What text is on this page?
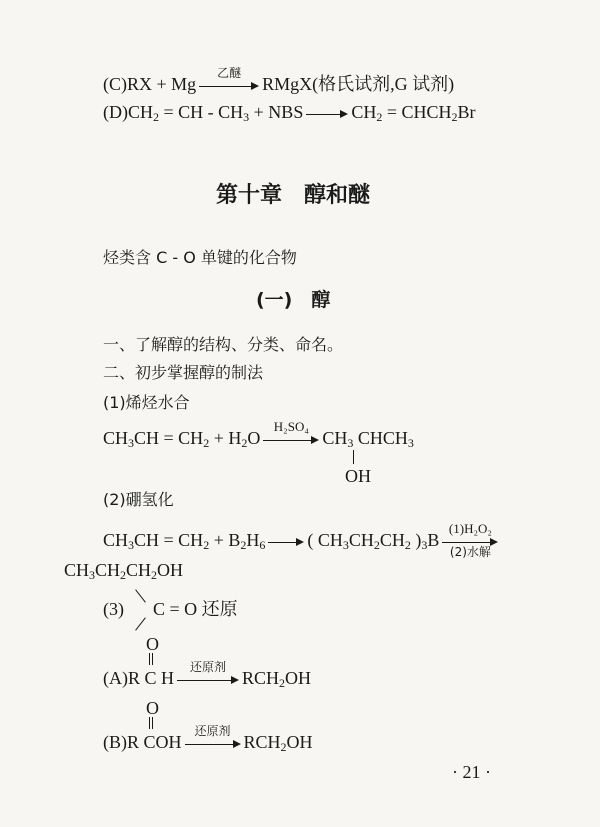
(C)RX + Mg
乙醚
RMgX(格氏试剂,G 试剂)
$(D)CH_2$ = CH - $CH_3$ + NBS	$CH_2$ = $CHCH_2Br$
第十章　醇和醚
烃类含 C - O 单键的化合物
(一)　醇
一、了解醇的结构、分类、命名。
二、初步掌握醇的制法
(1)烯烃水合
$CH_3CH = CH_2 + H_2O$
H₂SO₄
$CH_3$ $CHCH_3$
OH
(2)硼氢化
$CH_3CH = CH_2 + B_2H_6$ ( $CH_3CH_2CH_2$ )$_3B$
(1)H₂O₂
(2)水解
$CH_3CH_2CH_2OH$
(3) C = O 还原
O
(A)R C H
还原剂
$RCH_2OH$
O
(B)R COH
还原剂
$RCH_2OH$
· 21 ·
